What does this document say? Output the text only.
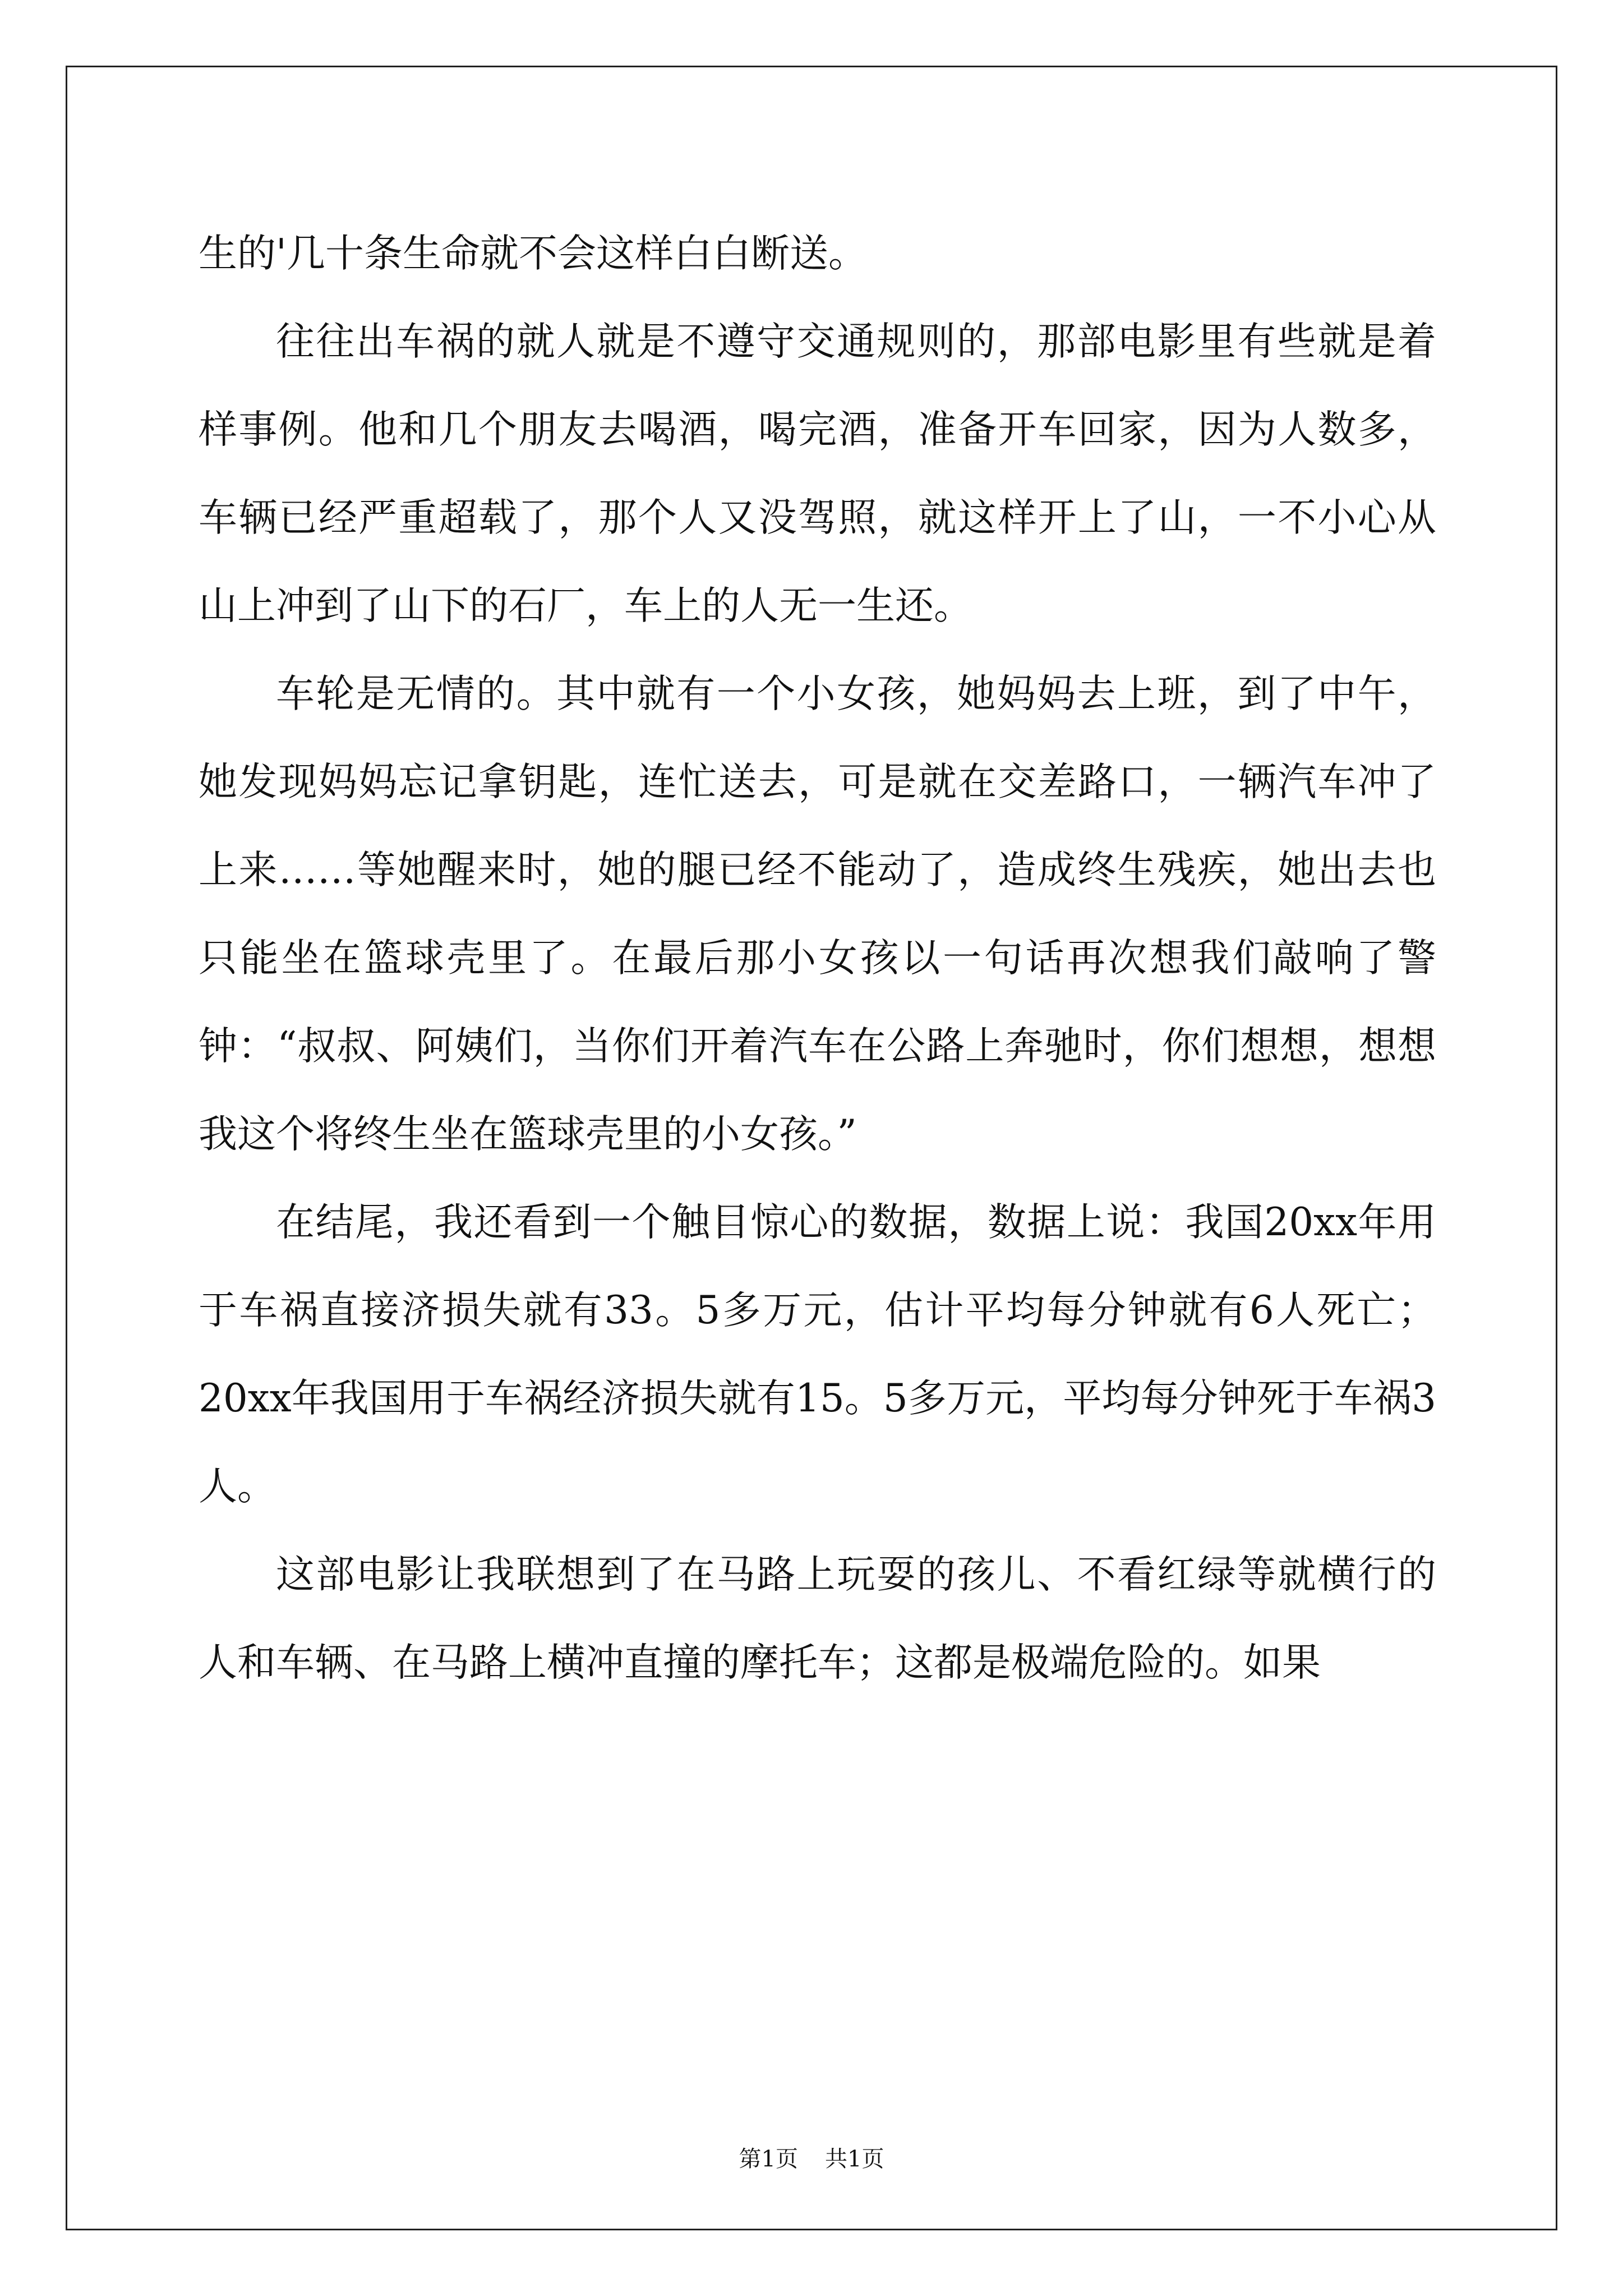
生的'几十条生命就不会这样白白断送。

往往出车祸的就人就是不遵守交通规则的，那部电影里有些就是着样事例。他和几个朋友去喝酒，喝完酒，准备开车回家，因为人数多，车辆已经严重超载了，那个人又没驾照，就这样开上了山，一不小心从山上冲到了山下的石厂，车上的人无一生还。

车轮是无情的。其中就有一个小女孩，她妈妈去上班，到了中午，她发现妈妈忘记拿钥匙，连忙送去，可是就在交差路口，一辆汽车冲了上来……等她醒来时，她的腿已经不能动了，造成终生残疾，她出去也只能坐在篮球壳里了。在最后那小女孩以一句话再次想我们敲响了警钟：“叔叔、阿姨们，当你们开着汽车在公路上奔驰时，你们想想，想想我这个将终生坐在篮球壳里的小女孩。”

在结尾，我还看到一个触目惊心的数据，数据上说：我国20xx年用于车祸直接济损失就有33。5多万元，估计平均每分钟就有6人死亡；20xx年我国用于车祸经济损失就有15。5多万元，平均每分钟死于车祸3人。

这部电影让我联想到了在马路上玩耍的孩儿、不看红绿等就横行的人和车辆、在马路上横冲直撞的摩托车；这都是极端危险的。如果

第1页 共1页
